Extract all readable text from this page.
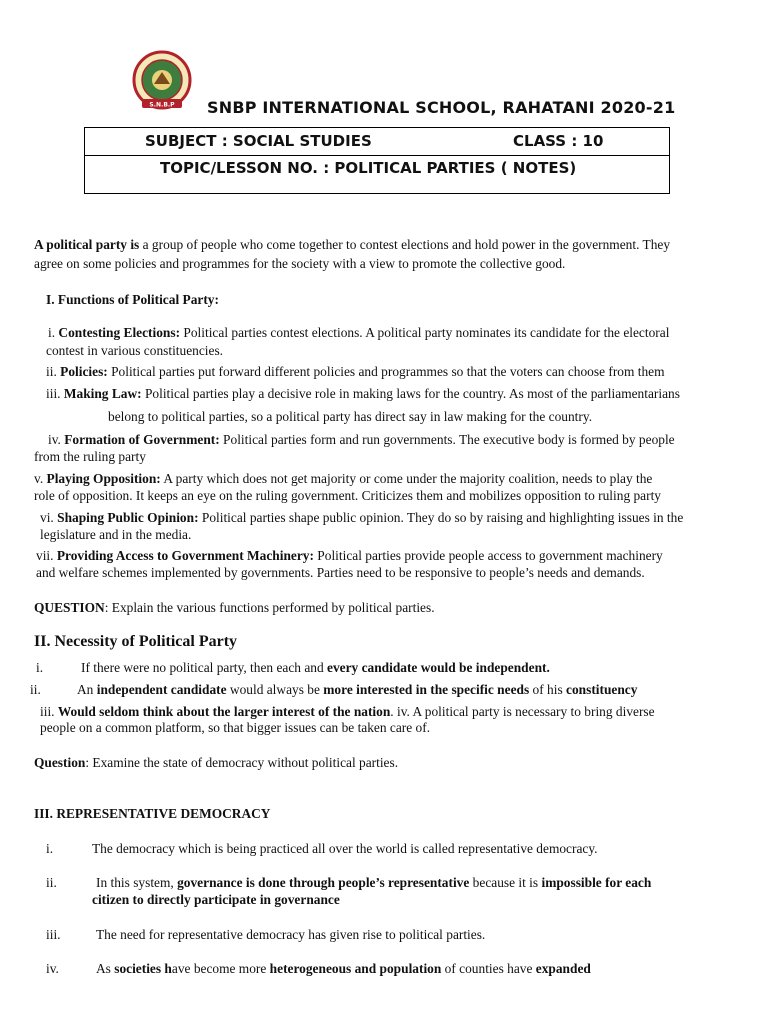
S.N.B.P SNBP INTERNATIONAL SCHOOL, RAHATANI 2020-21
SUBJECT : SOCIAL STUDIES	CLASS : 10
TOPIC/LESSON NO. : POLITICAL PARTIES ( NOTES)
A political party is a group of people who come together to contest elections and hold power in the government. They
agree on some policies and programmes for the society with a view to promote the collective good.
I. Functions of Political Party:
i. Contesting Elections: Political parties contest elections. A political party nominates its candidate for the electoral
contest in various constituencies.
ii. Policies: Political parties put forward different policies and programmes so that the voters can choose from them
iii. Making Law: Political parties play a decisive role in making laws for the country. As most of the parliamentarians
belong to political parties, so a political party has direct say in law making for the country.
iv. Formation of Government: Political parties form and run governments. The executive body is formed by people
from the ruling party
v. Playing Opposition: A party which does not get majority or come under the majority coalition, needs to play the
role of opposition. It keeps an eye on the ruling government. Criticizes them and mobilizes opposition to ruling party
vi. Shaping Public Opinion: Political parties shape public opinion. They do so by raising and highlighting issues in the
legislature and in the media.
vii. Providing Access to Government Machinery: Political parties provide people access to government machinery
and welfare schemes implemented by governments. Parties need to be responsive to people’s needs and demands.
QUESTION: Explain the various functions performed by political parties.
II. Necessity of Political Party
i.	If there were no political party, then each and every candidate would be independent.
ii.	An independent candidate would always be more interested in the specific needs of his constituency
iii. Would seldom think about the larger interest of the nation. iv. A political party is necessary to bring diverse
people on a common platform, so that bigger issues can be taken care of.
Question: Examine the state of democracy without political parties.
III. REPRESENTATIVE DEMOCRACY
i.	The democracy which is being practiced all over the world is called representative democracy.
ii.	In this system, governance is done through people’s representative because it is impossible for each
citizen to directly participate in governance
iii.	The need for representative democracy has given rise to political parties.
iv.	As societies have become more heterogeneous and population of counties have expanded
